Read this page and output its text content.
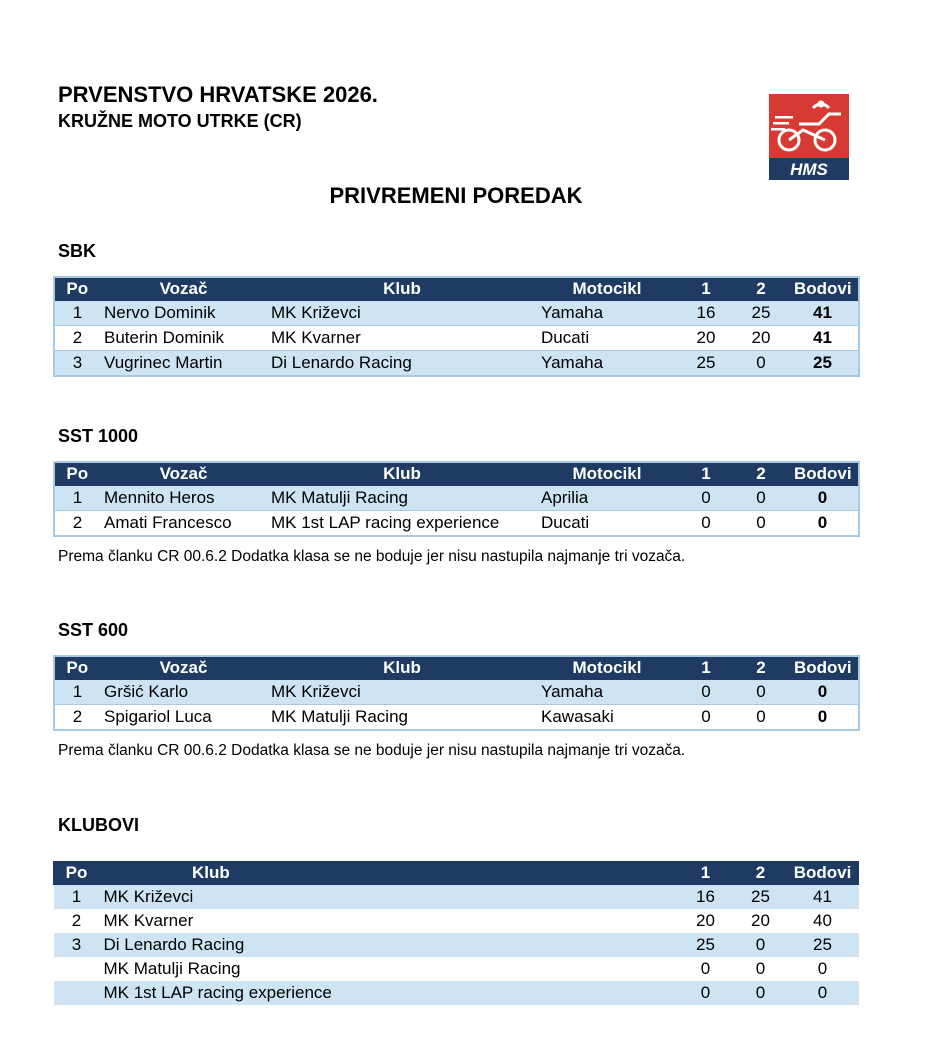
PRVENSTVO HRVATSKE 2026.
KRUŽNE MOTO UTRKE (CR)
HMS
PRIVREMENI POREDAK
SBK
Po	Vozač	Klub	Motocikl	1	2	Bodovi
1	Nervo Dominik	MK Križevci	Yamaha	16	25	41
2	Buterin Dominik	MK Kvarner	Ducati	20	20	41
3	Vugrinec Martin	Di Lenardo Racing	Yamaha	25	0	25
SST 1000
Po	Vozač	Klub	Motocikl	1	2	Bodovi
1	Mennito Heros	MK Matulji Racing	Aprilia	0	0	0
2	Amati Francesco	MK 1st LAP racing experience	Ducati	0	0	0
Prema članku CR 00.6.2 Dodatka klasa se ne boduje jer nisu nastupila najmanje tri vozača.
SST 600
Po	Vozač	Klub	Motocikl	1	2	Bodovi
1	Gršić Karlo	MK Križevci	Yamaha	0	0	0
2	Spigariol Luca	MK Matulji Racing	Kawasaki	0	0	0
Prema članku CR 00.6.2 Dodatka klasa se ne boduje jer nisu nastupila najmanje tri vozača.
KLUBOVI
Po	Klub	1	2	Bodovi
1	MK Križevci	16	25	41
2	MK Kvarner	20	20	40
3	Di Lenardo Racing	25	0	25
	MK Matulji Racing	0	0	0
	MK 1st LAP racing experience	0	0	0
